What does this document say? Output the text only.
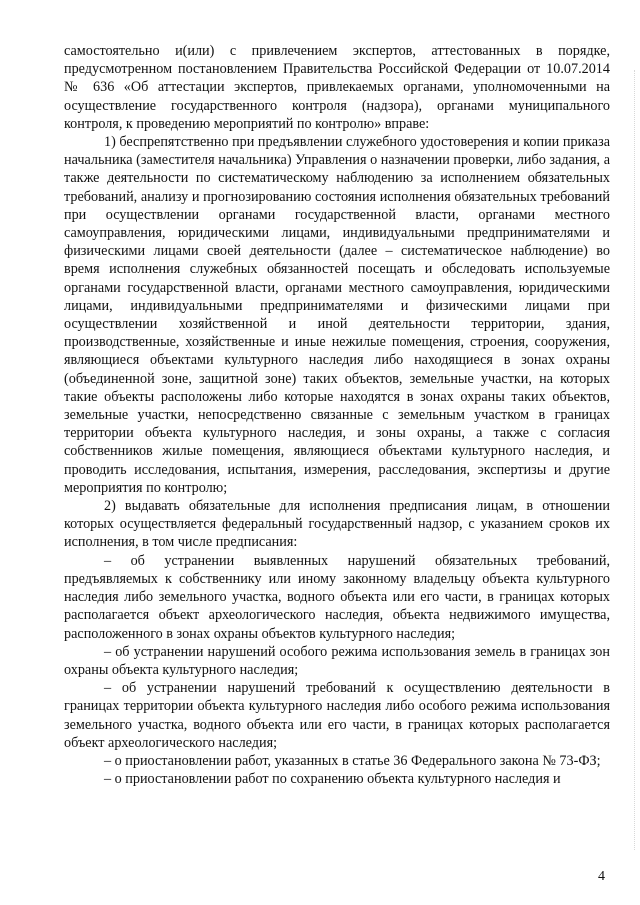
самостоятельно и(или) с привлечением экспертов, аттестованных в порядке, предусмотренном постановлением Правительства Российской Федерации от 10.07.2014 № 636 «Об аттестации экспертов, привлекаемых органами, уполномоченными на осуществление государственного контроля (надзора), органами муниципального контроля, к проведению мероприятий по контролю» вправе:

1) беспрепятственно при предъявлении служебного удостоверения и копии приказа начальника (заместителя начальника) Управления о назначении проверки, либо задания, а также деятельности по систематическому наблюдению за исполнением обязательных требований, анализу и прогнозированию состояния исполнения обязательных требований при осуществлении органами государственной власти, органами местного самоуправления, юридическими лицами, индивидуальными предпринимателями и физическими лицами своей деятельности (далее – систематическое наблюдение) во время исполнения служебных обязанностей посещать и обследовать используемые органами государственной власти, органами местного самоуправления, юридическими лицами, индивидуальными предпринимателями и физическими лицами при осуществлении хозяйственной и иной деятельности территории, здания, производственные, хозяйственные и иные нежилые помещения, строения, сооружения, являющиеся объектами культурного наследия либо находящиеся в зонах охраны (объединенной зоне, защитной зоне) таких объектов, земельные участки, на которых такие объекты расположены либо которые находятся в зонах охраны таких объектов, земельные участки, непосредственно связанные с земельным участком в границах территории объекта культурного наследия, и зоны охраны, а также с согласия собственников жилые помещения, являющиеся объектами культурного наследия, и проводить исследования, испытания, измерения, расследования, экспертизы и другие мероприятия по контролю;

2) выдавать обязательные для исполнения предписания лицам, в отношении которых осуществляется федеральный государственный надзор, с указанием сроков их исполнения, в том числе предписания:

– об устранении выявленных нарушений обязательных требований, предъявляемых к собственнику или иному законному владельцу объекта культурного наследия либо земельного участка, водного объекта или его части, в границах которых располагается объект археологического наследия, объекта недвижимого имущества, расположенного в зонах охраны объектов культурного наследия;

– об устранении нарушений особого режима использования земель в границах зон охраны объекта культурного наследия;

– об устранении нарушений требований к осуществлению деятельности в границах территории объекта культурного наследия либо особого режима использования земельного участка, водного объекта или его части, в границах которых располагается объект археологического наследия;

– о приостановлении работ, указанных в статье 36 Федерального закона № 73-ФЗ;

– о приостановлении работ по сохранению объекта культурного наследия и

4
